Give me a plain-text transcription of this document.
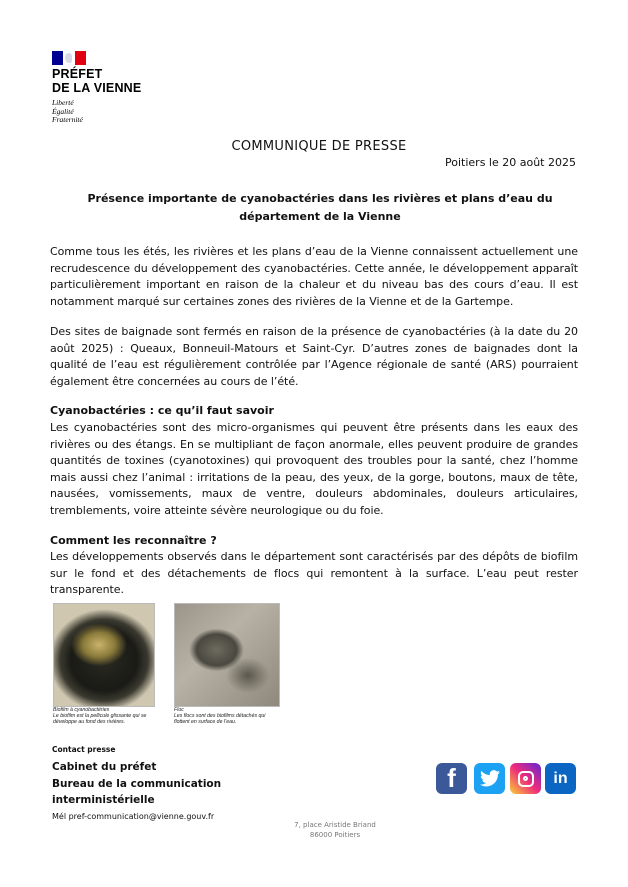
PRÉFET
DE LA VIENNE
Liberté
Égalité
Fraternité
COMMUNIQUE DE PRESSE
Poitiers le 20 août 2025
Présence importante de cyanobactéries dans les rivières et plans d’eau du département de la Vienne
Comme tous les étés, les rivières et les plans d’eau de la Vienne connaissent actuellement une recrudescence du développement des cyanobactéries. Cette année, le développement apparaît particulièrement important en raison de la chaleur et du niveau bas des cours d’eau. Il est notamment marqué sur certaines zones des rivières de la Vienne et de la Gartempe.
Des sites de baignade sont fermés en raison de la présence de cyanobactéries (à la date du 20 août 2025) : Queaux, Bonneuil-Matours et Saint-Cyr. D’autres zones de baignades dont la qualité de l’eau est régulièrement contrôlée par l’Agence régionale de santé (ARS) pourraient également être concernées au cours de l’été.
Cyanobactéries : ce qu’il faut savoir
Les cyanobactéries sont des micro-organismes qui peuvent être présents dans les eaux des rivières ou des étangs. En se multipliant de façon anormale, elles peuvent produire de grandes quantités de toxines (cyanotoxines) qui provoquent des troubles pour la santé, chez l’homme mais aussi chez l’animal : irritations de la peau, des yeux, de la gorge, boutons, maux de tête, nausées, vomissements, maux de ventre, douleurs abdominales, douleurs articulaires, tremblements, voire atteinte sévère neurologique ou du foie.
Comment les reconnaître ?
Les développements observés dans le département sont caractérisés par des dépôts de biofilm sur le fond et des détachements de flocs qui remontent à la surface. L’eau peut rester transparente.
Biofilm à cyanobactéries
Le biofilm est la pellicule glissante qui se développe au fond des rivières.
Floc
Les flocs sont des biofilms détachés qui flottent en surface de l’eau.
Contact presse
Cabinet du préfet
Bureau de la communication
interministérielle
Mél pref-communication@vienne.gouv.fr
7, place Aristide Briand
86000 Poitiers
f	in
